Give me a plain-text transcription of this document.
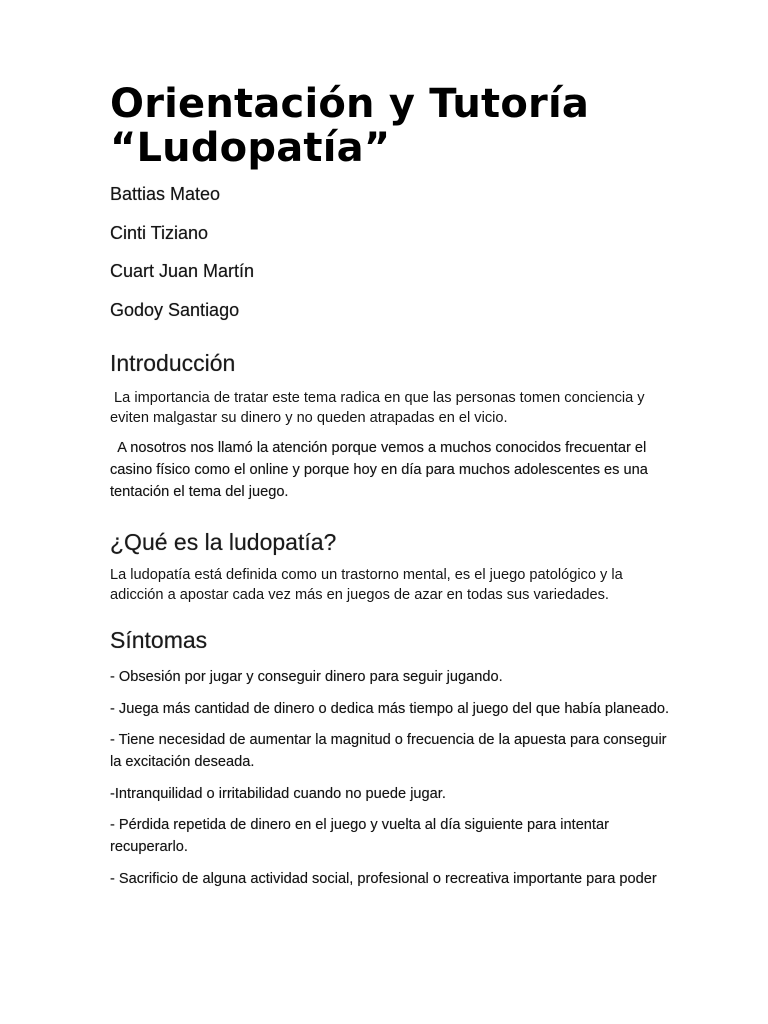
Orientación y Tutoría
“Ludopatía”
Battias Mateo
Cinti Tiziano
Cuart Juan Martín
Godoy Santiago
Introducción

La importancia de tratar este tema radica en que las personas tomen conciencia y eviten malgastar su dinero y no queden atrapadas en el vicio.

A nosotros nos llamó la atención porque vemos a muchos conocidos frecuentar el casino físico como el online y porque hoy en día para muchos adolescentes es una tentación el tema del juego.

¿Qué es la ludopatía?

La ludopatía está definida como un trastorno mental, es el juego patológico y la adicción a apostar cada vez más en juegos de azar en todas sus variedades.

Síntomas
- Obsesión por jugar y conseguir dinero para seguir jugando.
- Juega más cantidad de dinero o dedica más tiempo al juego del que había planeado.
- Tiene necesidad de aumentar la magnitud o frecuencia de la apuesta para conseguir la excitación deseada.
-Intranquilidad o irritabilidad cuando no puede jugar.
- Pérdida repetida de dinero en el juego y vuelta al día siguiente para intentar recuperarlo.
- Sacrificio de alguna actividad social, profesional o recreativa importante para poder
